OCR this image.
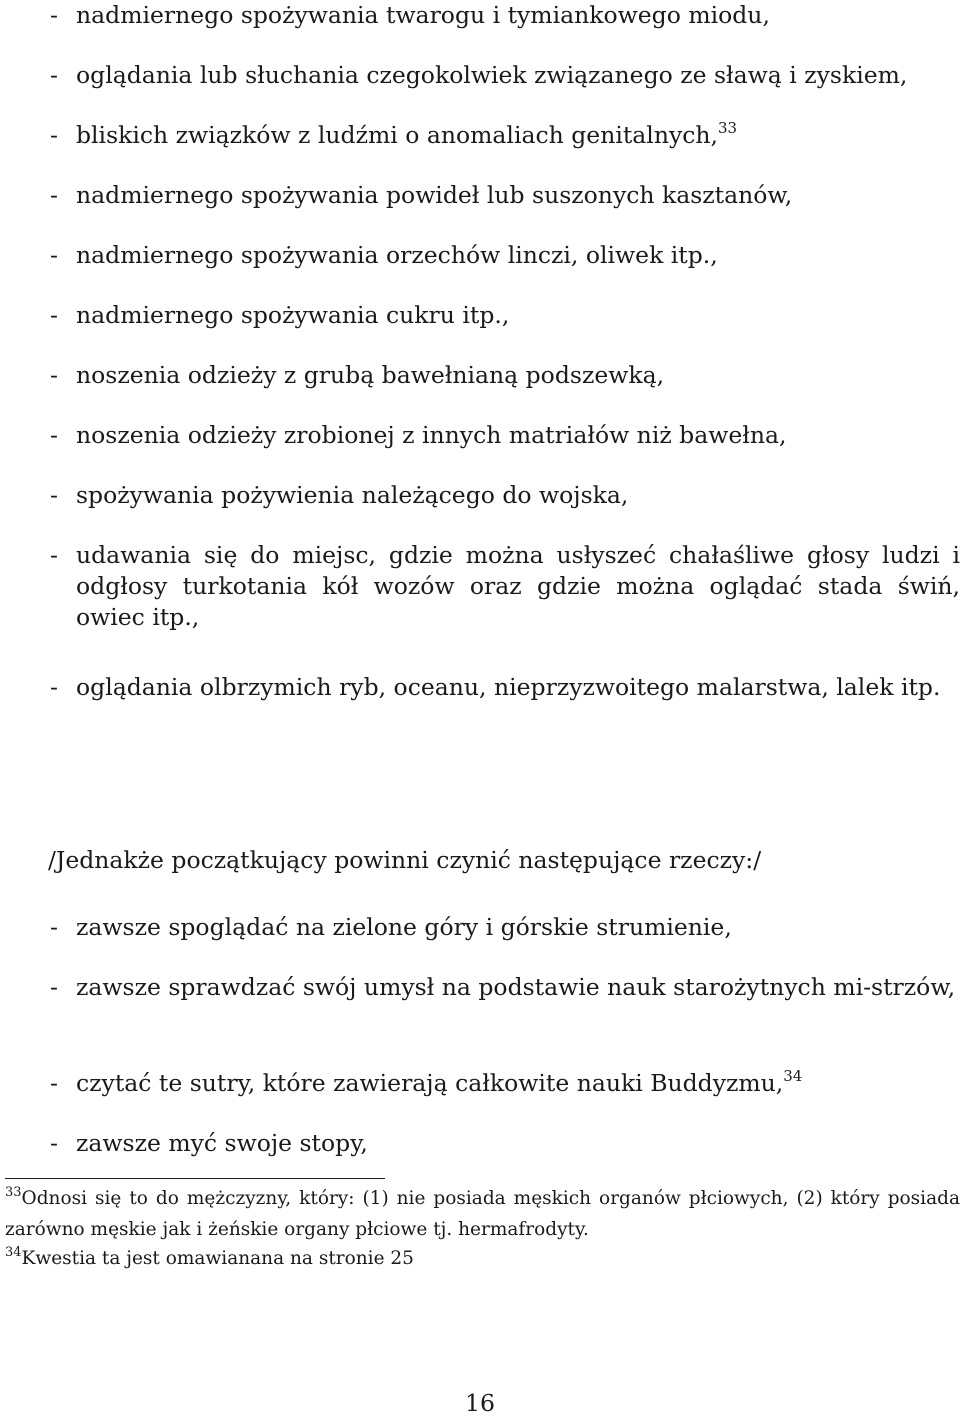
- nadmiernego spożywania twarogu i tymiankowego miodu,
- oglądania lub słuchania czegokolwiek związanego ze sławą i zyskiem,
- bliskich związków z ludźmi o anomaliach genitalnych,$^{33}$
- nadmiernego spożywania powideł lub suszonych kasztanów,
- nadmiernego spożywania orzechów linczi, oliwek itp.,
- nadmiernego spożywania cukru itp.,
- noszenia odzieży z grubą bawełnianą podszewką,
- noszenia odzieży zrobionej z innych matriałów niż bawełna,
- spożywania pożywienia należącego do wojska,
- udawania się do miejsc, gdzie można usłyszeć chałaśliwe głosy ludzi i odgłosy turkotania kół wozów oraz gdzie można oglądać stada świń, owiec itp.,
- oglądania olbrzymich ryb, oceanu, nieprzyzwoitego malarstwa, lalek itp.
/Jednakże początkujący powinni czynić następujące rzeczy:/
- zawsze spoglądać na zielone góry i górskie strumienie,
- zawsze sprawdzać swój umysł na podstawie nauk starożytnych mi-strzów,
- czytać te sutry, które zawierają całkowite nauki Buddyzmu,$^{34}$
- zawsze myć swoje stopy,
$^{33}$Odnosi się to do mężczyzny, który: (1) nie posiada męskich organów płciowych, (2) który posiada zarówno męskie jak i żeńskie organy płciowe tj. hermafrodyty.
$^{34}$Kwestia ta jest omawianana na stronie 25
16
